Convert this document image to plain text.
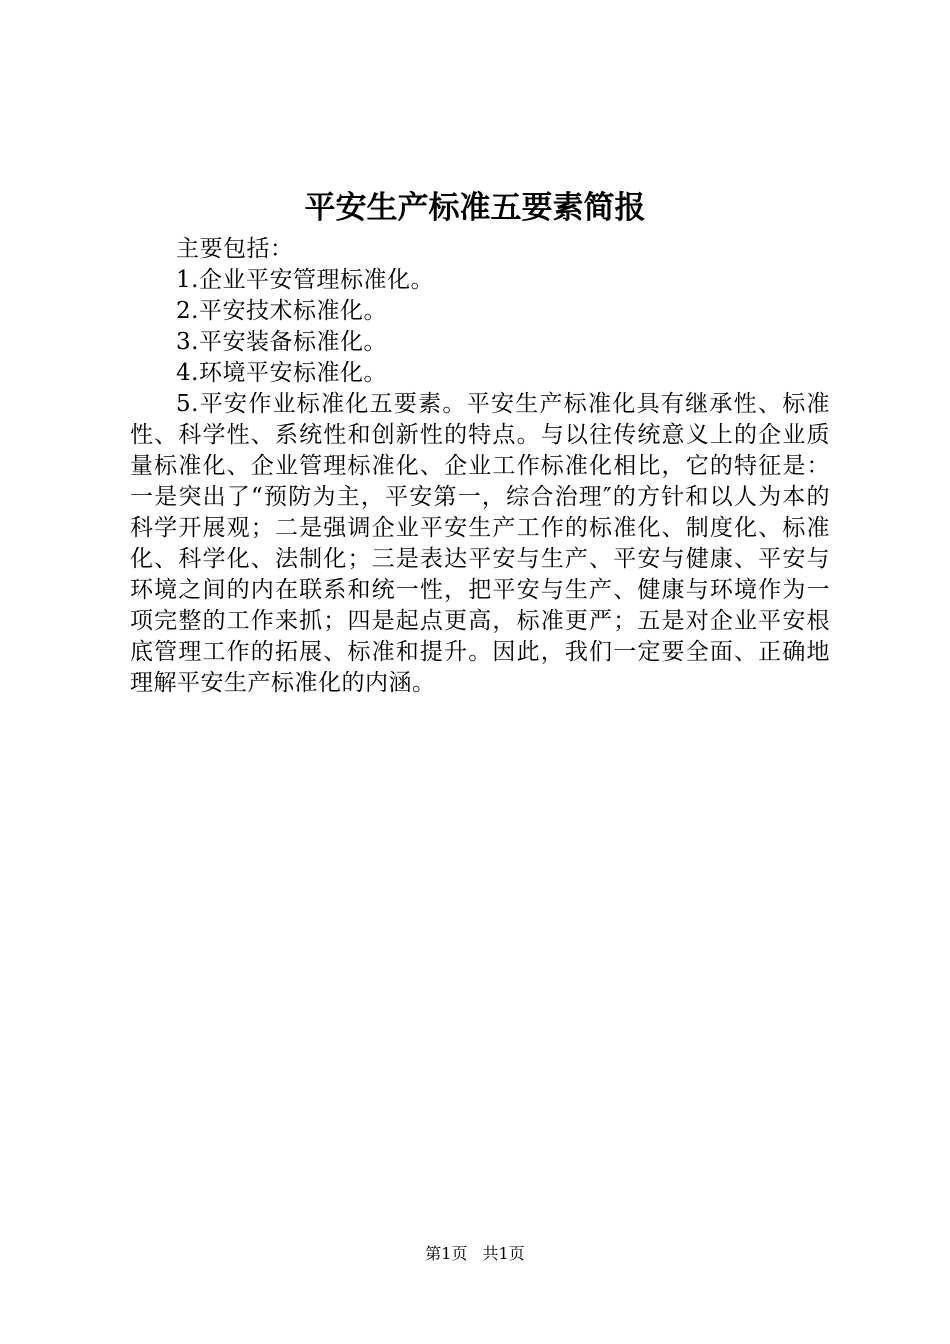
平安生产标准五要素简报

主要包括：

1.企业平安管理标准化。

2.平安技术标准化。

3.平安装备标准化。

4.环境平安标准化。

5.平安作业标准化五要素。平安生产标准化具有继承性、标准性、科学性、系统性和创新性的特点。与以往传统意义上的企业质量标准化、企业管理标准化、企业工作标准化相比，它的特征是：一是突出了“预防为主，平安第一，综合治理″的方针和以人为本的科学开展观；二是强调企业平安生产工作的标准化、制度化、标准化、科学化、法制化；三是表达平安与生产、平安与健康、平安与环境之间的内在联系和统一性，把平安与生产、健康与环境作为一项完整的工作来抓；四是起点更高，标准更严；五是对企业平安根底管理工作的拓展、标准和提升。因此，我们一定要全面、正确地理解平安生产标准化的内涵。

第1页 共1页
